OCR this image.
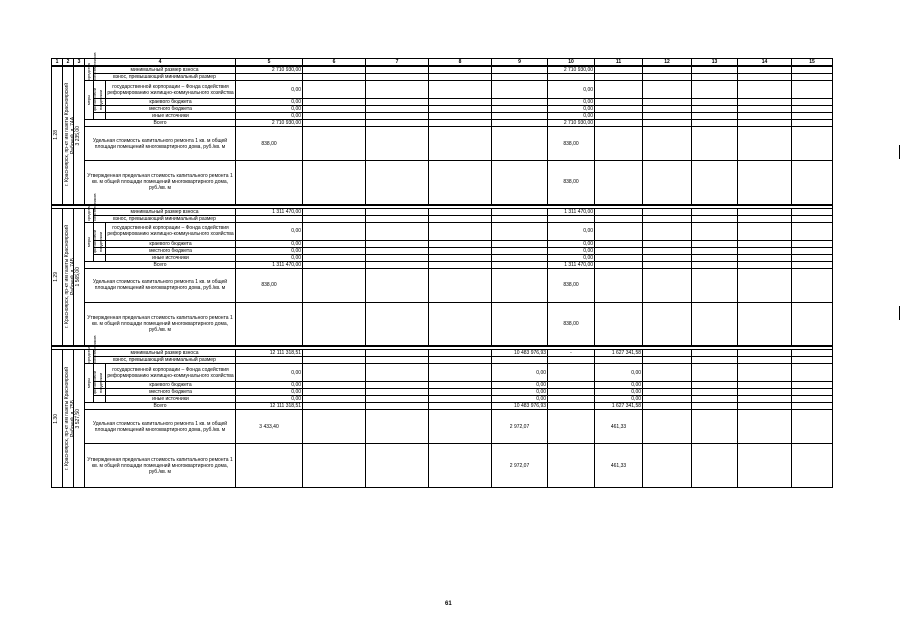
1	2	3	4			5	6	7	8	9	10	11	12	13	14	15

1.28	г. Красноярск, пр-кт им газеты Красноярский Рабочий, д. 74А	3 235,00	средства собственников	минимальный размер взноса		2 710 930,00					2 710 930,00					
				взнос, превышающий минимальный размер												

			меры финансовой поддержки		государственной корпорации – Фонда содействия реформированию жилищно-коммунального хозяйства	0,00					0,00					
					краевого бюджета	0,00					0,00					
					местного бюджета	0,00					0,00					
					иные источники	0,00					0,00					
			Всего			2 710 930,00					2 710 930,00					
			Удельная стоимость капитального ремонта 1 кв. м общей площади помещений многоквартирного дома, руб./кв. м			838,00					838,00					
			Утвержденная предельная стоимость капитального ремонта 1 кв. м общей площади помещений многоквартирного дома, руб./кв. м								838,00					

1.29	г. Красноярск, пр-кт им газеты Красноярский Рабочий, д. 74Б	1 565,00	средства собственников	минимальный размер взноса		1 311 470,00					1 311 470,00					
				взнос, превышающий минимальный размер												

			меры финансовой поддержки		государственной корпорации – Фонда содействия реформированию жилищно-коммунального хозяйства	0,00					0,00					
					краевого бюджета	0,00					0,00					
					местного бюджета	0,00					0,00					
					иные источники	0,00					0,00					
			Всего			1 311 470,00					1 311 470,00					
			Удельная стоимость капитального ремонта 1 кв. м общей площади помещений многоквартирного дома, руб./кв. м			838,00					838,00					
			Утвержденная предельная стоимость капитального ремонта 1 кв. м общей площади помещений многоквартирного дома, руб./кв. м								838,00					

1.30	г. Красноярск, пр-кт им газеты Красноярский Рабочий, д. 75Б	3 527,50	средства собственников	минимальный размер взноса		12 111 318,51				10 483 976,93	-	1 627 341,58				
				взнос, превышающий минимальный размер												

			меры финансовой поддержки		государственной корпорации – Фонда содействия реформированию жилищно-коммунального хозяйства	0,00				0,00		0,00				
					краевого бюджета	0,00				0,00		0,00				
					местного бюджета	0,00				0,00		0,00				
					иные источники	0,00				0,00		0,00				
			Всего			12 111 318,51				10 483 976,93		1 627 341,58				
			Удельная стоимость капитального ремонта 1 кв. м общей площади помещений многоквартирного дома, руб./кв. м			3 433,40				2 972,07		461,33				
			Утвержденная предельная стоимость капитального ремонта 1 кв. м общей площади помещений многоквартирного дома, руб./кв. м							2 972,07		461,33				
61
